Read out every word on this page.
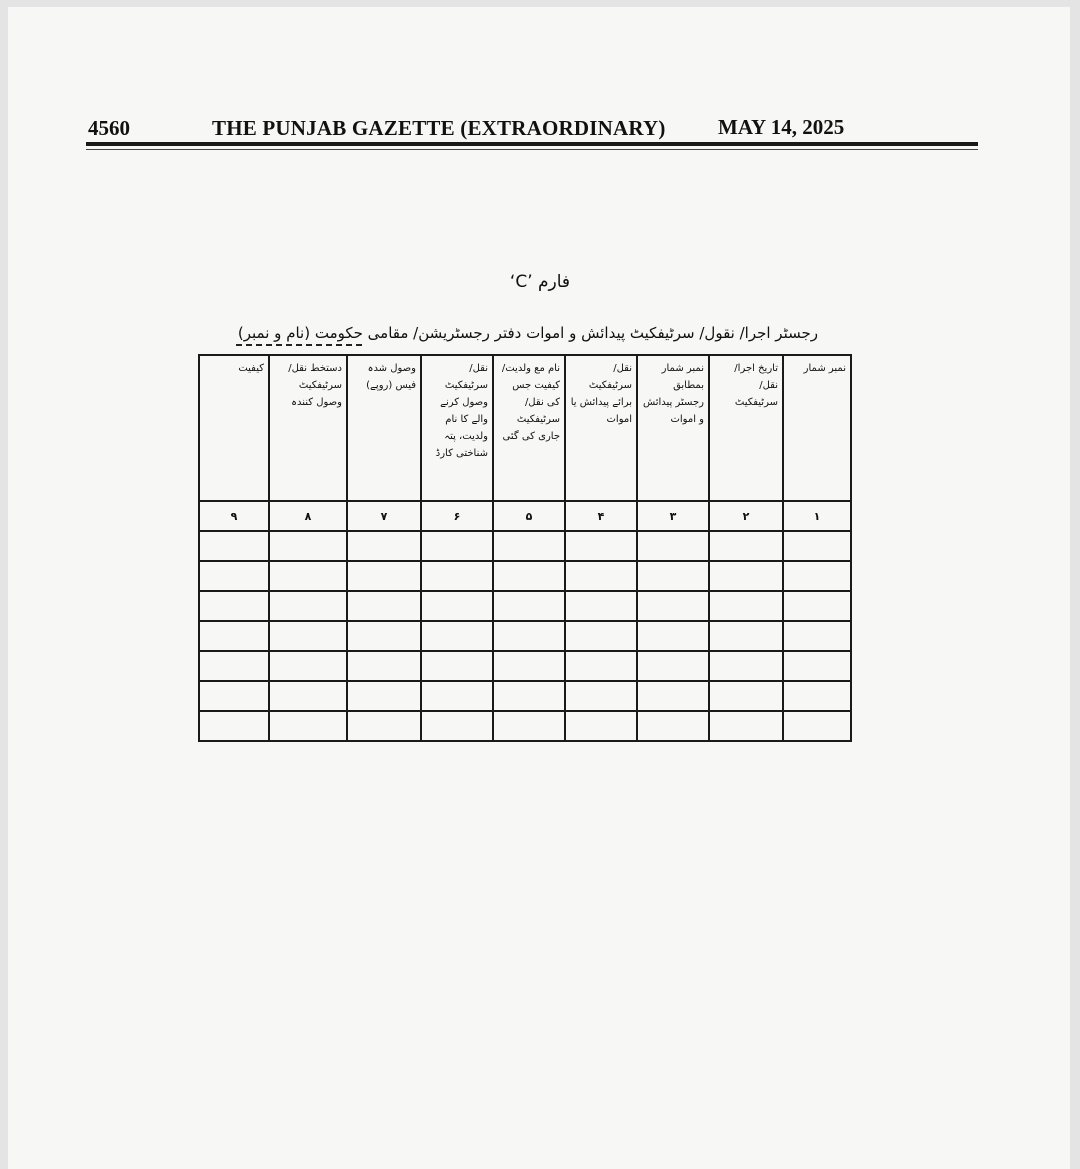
4560	THE PUNJAB GAZETTE (EXTRAORDINARY) MAY 14, 2025
فارم ’C‘
رجسٹر اجرا/ نقول/ سرٹیفکیٹ پیدائش و اموات دفتر رجسٹریشن/ مقامی حکومت (نام و نمبر)
نمبر شمار	تاریخ اجرا/ نقل/ سرٹیفکیٹ	نمبر شمار بمطابق رجسٹر پیدائش و اموات	نقل/ سرٹیفکیٹ برائے پیدائش یا اموات	نام مع ولدیت/ کیفیت جس کی نقل/ سرٹیفکیٹ جاری کی گئی	نقل/ سرٹیفکیٹ وصول کرنے والے کا نام ولدیت، پتہ شناختی کارڈ	وصول شدہ فیس (روپے)	دستخط نقل/ سرٹیفکیٹ وصول کنندہ	کیفیت
۱	۲	۳	۴	۵	۶	۷	۸	۹
